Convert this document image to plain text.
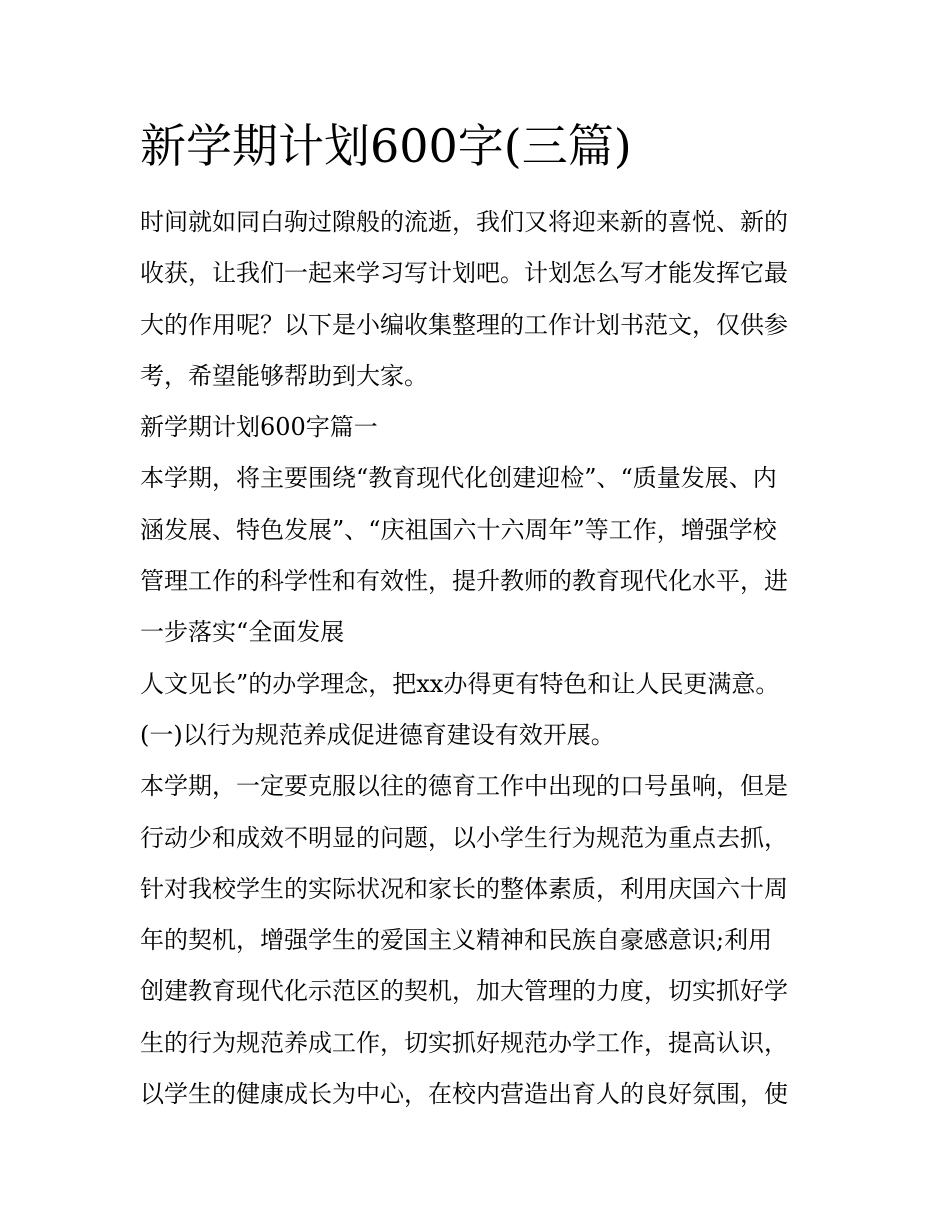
新学期计划600字(三篇)
时间就如同白驹过隙般的流逝，我们又将迎来新的喜悦、新的
收获，让我们一起来学习写计划吧。计划怎么写才能发挥它最
大的作用呢？以下是小编收集整理的工作计划书范文，仅供参
考，希望能够帮助到大家。
新学期计划600字篇一
本学期，将主要围绕“教育现代化创建迎检”、“质量发展、内
涵发展、特色发展”、“庆祖国六十六周年”等工作，增强学校
管理工作的科学性和有效性，提升教师的教育现代化水平，进
一步落实“全面发展
人文见长”的办学理念，把xx办得更有特色和让人民更满意。
(一)以行为规范养成促进德育建设有效开展。
本学期，一定要克服以往的德育工作中出现的口号虽响，但是
行动少和成效不明显的问题，以小学生行为规范为重点去抓，
针对我校学生的实际状况和家长的整体素质，利用庆国六十周
年的契机，增强学生的爱国主义精神和民族自豪感意识;利用
创建教育现代化示范区的契机，加大管理的力度，切实抓好学
生的行为规范养成工作，切实抓好规范办学工作，提高认识，
以学生的健康成长为中心，在校内营造出育人的良好氛围，使
